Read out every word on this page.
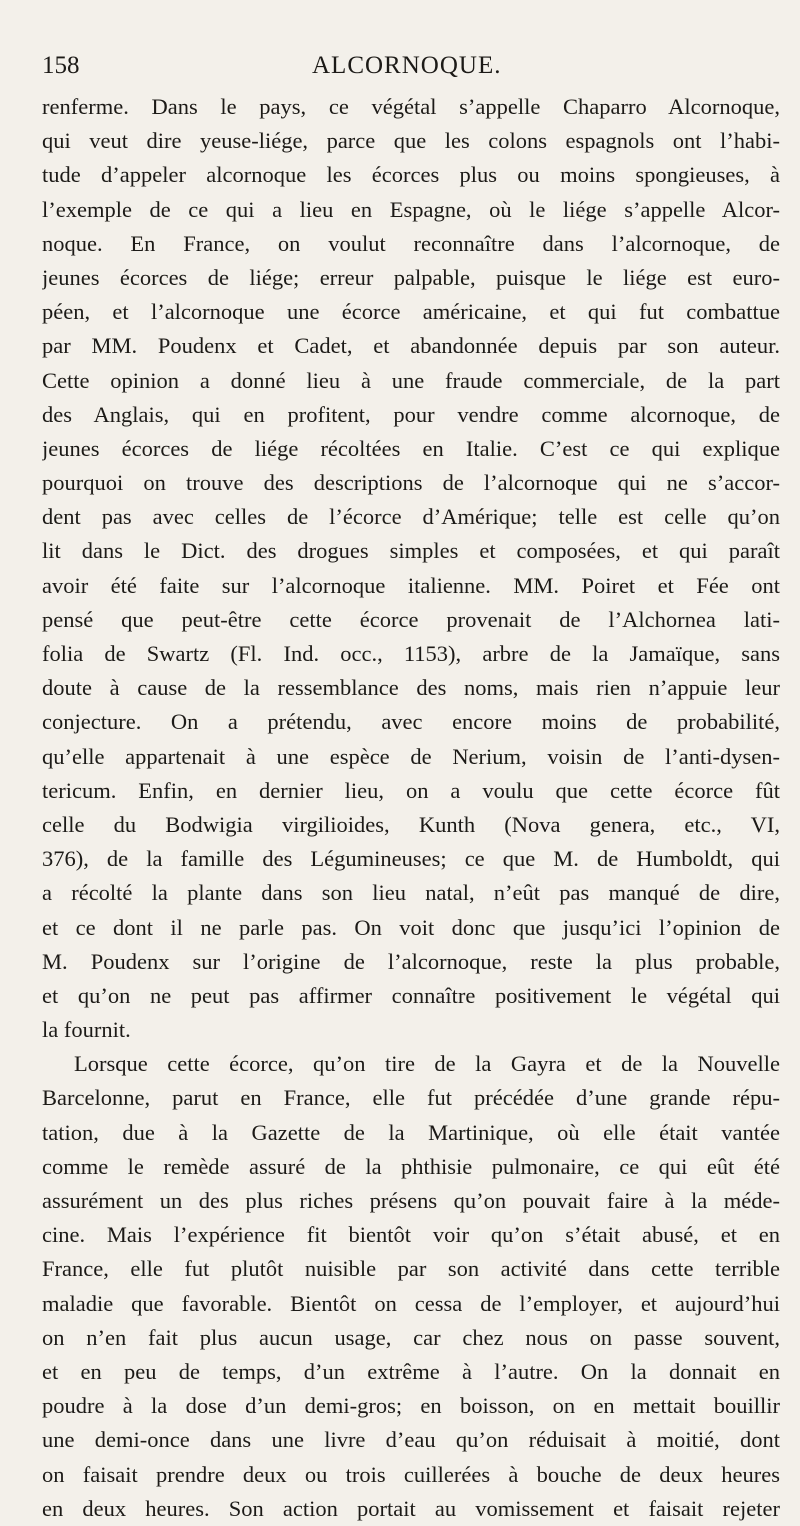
158	ALCORNOQUE.
renferme. Dans le pays, ce végétal s’appelle Chaparro Alcornoque,
qui veut dire yeuse-liége, parce que les colons espagnols ont l’habi-
tude d’appeler alcornoque les écorces plus ou moins spongieuses, à
l’exemple de ce qui a lieu en Espagne, où le liége s’appelle Alcor-
noque. En France, on voulut reconnaître dans l’alcornoque, de
jeunes écorces de liége; erreur palpable, puisque le liége est euro-
péen, et l’alcornoque une écorce américaine, et qui fut combattue
par MM. Poudenx et Cadet, et abandonnée depuis par son auteur.
Cette opinion a donné lieu à une fraude commerciale, de la part
des Anglais, qui en profitent, pour vendre comme alcornoque, de
jeunes écorces de liége récoltées en Italie. C’est ce qui explique
pourquoi on trouve des descriptions de l’alcornoque qui ne s’accor-
dent pas avec celles de l’écorce d’Amérique; telle est celle qu’on
lit dans le Dict. des drogues simples et composées, et qui paraît
avoir été faite sur l’alcornoque italienne. MM. Poiret et Fée ont
pensé que peut-être cette écorce provenait de l’Alchornea lati-
folia de Swartz (Fl. Ind. occ., 1153), arbre de la Jamaïque, sans
doute à cause de la ressemblance des noms, mais rien n’appuie leur
conjecture. On a prétendu, avec encore moins de probabilité,
qu’elle appartenait à une espèce de Nerium, voisin de l’anti-dysen-
tericum. Enfin, en dernier lieu, on a voulu que cette écorce fût
celle du Bodwigia virgilioides, Kunth (Nova genera, etc., VI,
376), de la famille des Légumineuses; ce que M. de Humboldt, qui
a récolté la plante dans son lieu natal, n’eût pas manqué de dire,
et ce dont il ne parle pas. On voit donc que jusqu’ici l’opinion de
M. Poudenx sur l’origine de l’alcornoque, reste la plus probable,
et qu’on ne peut pas affirmer connaître positivement le végétal qui
la fournit.
Lorsque cette écorce, qu’on tire de la Gayra et de la Nouvelle
Barcelonne, parut en France, elle fut précédée d’une grande répu-
tation, due à la Gazette de la Martinique, où elle était vantée
comme le remède assuré de la phthisie pulmonaire, ce qui eût été
assurément un des plus riches présens qu’on pouvait faire à la méde-
cine. Mais l’expérience fit bientôt voir qu’on s’était abusé, et en
France, elle fut plutôt nuisible par son activité dans cette terrible
maladie que favorable. Bientôt on cessa de l’employer, et aujourd’hui
on n’en fait plus aucun usage, car chez nous on passe souvent,
et en peu de temps, d’un extrême à l’autre. On la donnait en
poudre à la dose d’un demi-gros; en boisson, on en mettait bouillir
une demi-once dans une livre d’eau qu’on réduisait à moitié, dont
on faisait prendre deux ou trois cuillerées à bouche de deux heures
en deux heures. Son action portait au vomissement et faisait rejeter
